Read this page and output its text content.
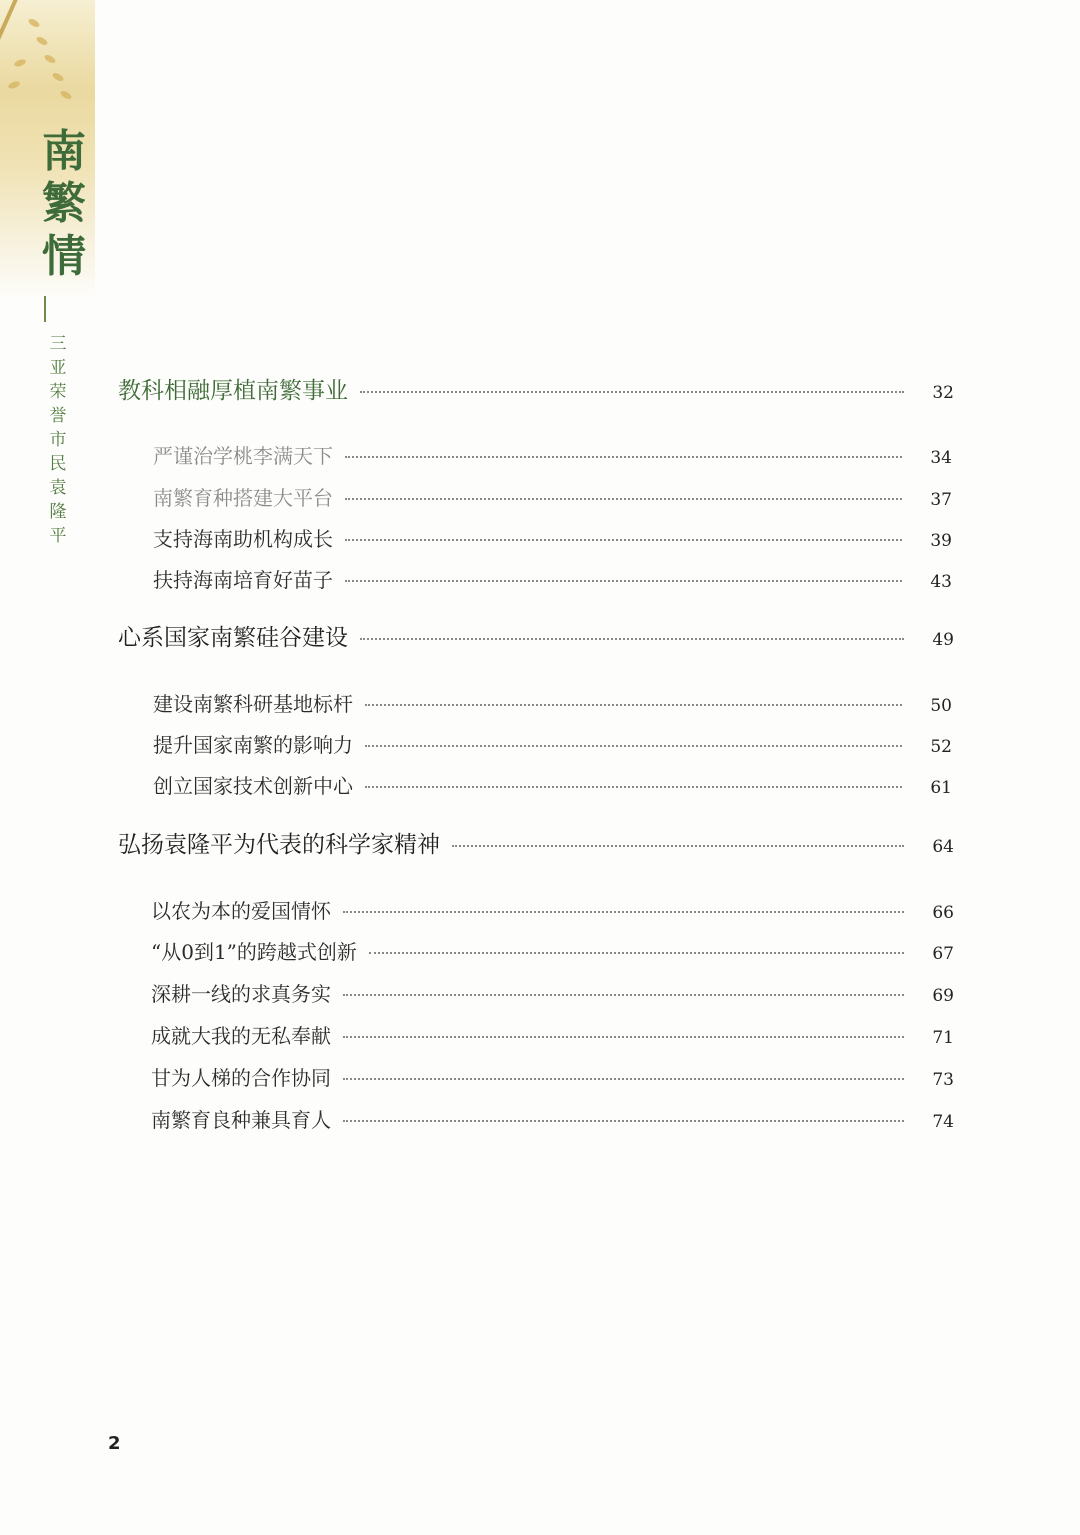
南
繁
情
三
亚
荣
誉
市
民
袁
隆
平
教科相融厚植南繁事业	32
严谨治学桃李满天下	34
南繁育种搭建大平台	37
支持海南助机构成长	39
扶持海南培育好苗子	43
心系国家南繁硅谷建设	49
建设南繁科研基地标杆	50
提升国家南繁的影响力	52
创立国家技术创新中心	61
弘扬袁隆平为代表的科学家精神	64
以农为本的爱国情怀	66
“从0到1”的跨越式创新	67
深耕一线的求真务实	69
成就大我的无私奉献	71
甘为人梯的合作协同	73
南繁育良种兼具育人	74
2
